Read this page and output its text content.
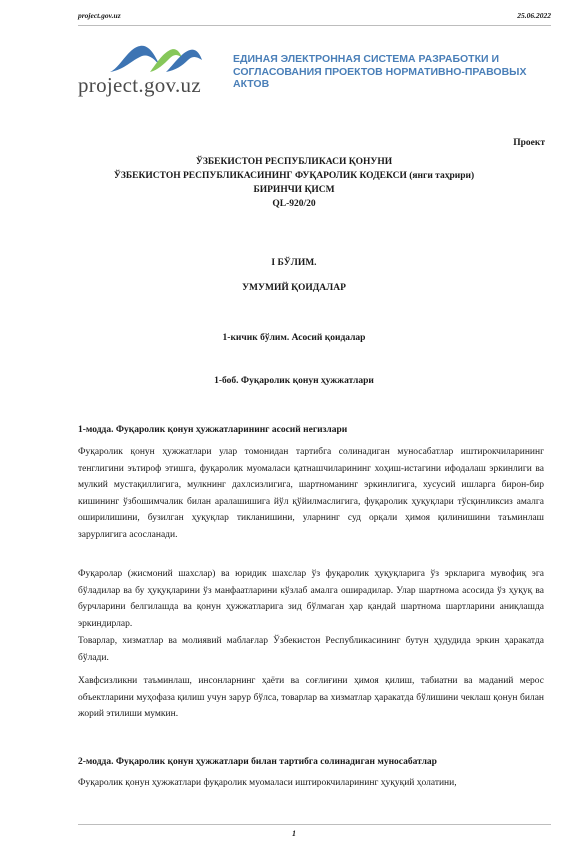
project.gov.uz	25.06.2022
project.gov.uz
ЕДИНАЯ ЭЛЕКТРОННАЯ СИСТЕМА РАЗРАБОТКИ И СОГЛАСОВАНИЯ ПРОЕКТОВ НОРМАТИВНО-ПРАВОВЫХ АКТОВ
Проект
ЎЗБЕКИСТОН РЕСПУБЛИКАСИ ҚОНУНИ
ЎЗБЕКИСТОН РЕСПУБЛИКАСИНИНГ ФУҚАРОЛИК КОДЕКСИ (янги таҳрири)
БИРИНЧИ ҚИСМ
QL-920/20
I БЎЛИМ.
УМУМИЙ ҚОИДАЛАР
1-кичик бўлим. Асосий қоидалар
1-боб. Фуқаролик қонун ҳужжатлари
1-модда. Фуқаролик қонун ҳужжатларининг асосий негизлари
Фуқаролик қонун ҳужжатлари улар томонидан тартибга солинадиган муносабатлар иштирокчиларининг тенглигини эътироф этишга, фуқаролик муомаласи қатнашчиларининг хоҳиш-истагини ифодалаш эркинлиги ва мулкий мустақиллигига, мулкнинг дахлсизлигига, шартноманинг эркинлигига, хусусий ишларга бирон-бир кишининг ўзбошимчалик билан аралашишига йўл қўйилмаслигига, фуқаролик ҳуқуқлари тўсқинликсиз амалга оширилишини, бузилган ҳуқуқлар тикланишини, уларнинг суд орқали ҳимоя қилинишини таъминлаш зарурлигига асосланади.
Фуқаролар (жисмоний шахслар) ва юридик шахслар ўз фуқаролик ҳуқуқларига ўз эркларига мувофиқ эга бўладилар ва бу ҳуқуқларини ўз манфаатларини кўзлаб амалга оширадилар. Улар шартнома асосида ўз ҳуқуқ ва бурчларини белгилашда ва қонун ҳужжатларига зид бўлмаган ҳар қандай шартнома шартларини аниқлашда эркиндирлар.
Товарлар, хизматлар ва молиявий маблағлар Ўзбекистон Республикасининг бутун ҳудудида эркин ҳаракатда бўлади.
Хавфсизликни таъминлаш, инсонларнинг ҳаёти ва соғлиғини ҳимоя қилиш, табиатни ва маданий мерос объектларини муҳофаза қилиш учун зарур бўлса, товарлар ва хизматлар ҳаракатда бўлишини чеклаш қонун билан жорий этилиши мумкин.
2-модда. Фуқаролик қонун ҳужжатлари билан тартибга солинадиган муносабатлар
Фуқаролик қонун ҳужжатлари фуқаролик муомаласи иштирокчиларининг ҳуқуқий ҳолатини,
1
